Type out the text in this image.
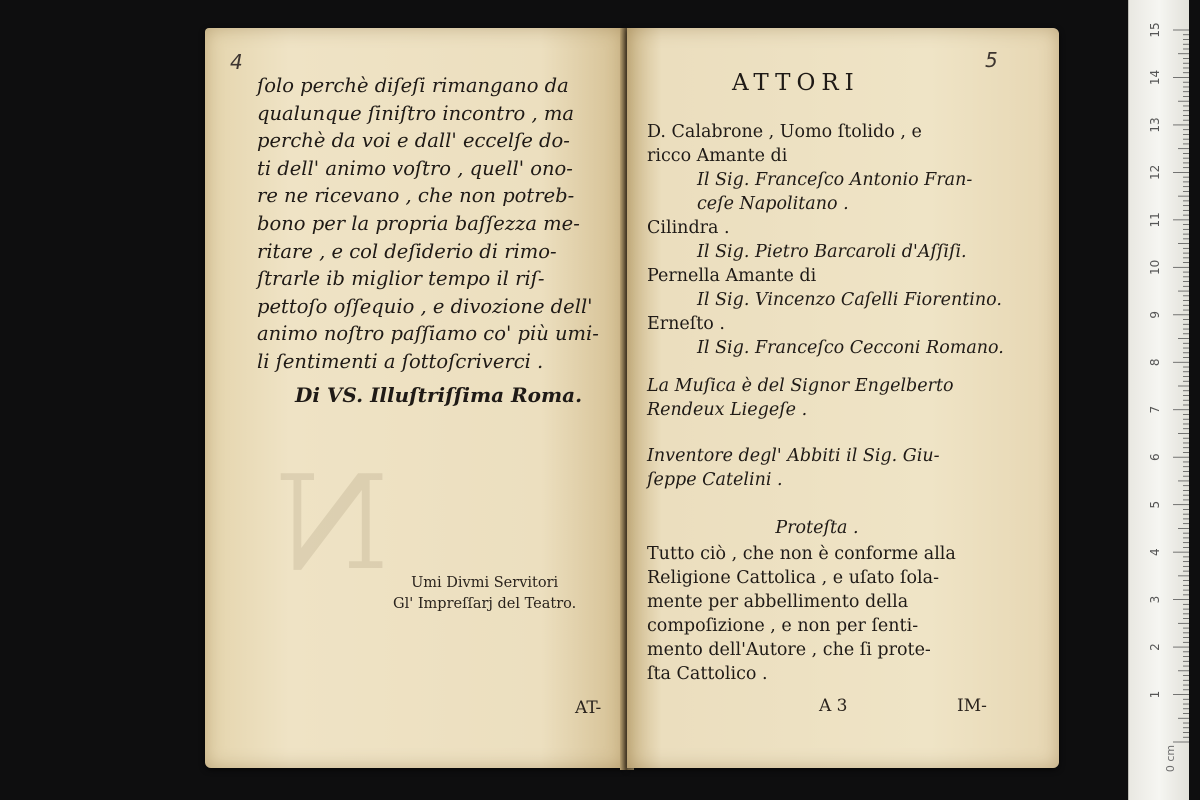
N
4
ſolo perchè diſeſi rimangano da
qualunque ſiniſtro incontro , ma
perchè da voi e dall' eccelſe do-
ti dell' animo voſtro , quell' ono-
re ne ricevano , che non potreb-
bono per la propria baſſezza me-
ritare , e col deſiderio di rimo-
ſtrarle ib miglior tempo il riſ-
pettoſo oſſequio , e divozione dell'
animo noſtro paſſiamo co' più umi-
li ſentimenti a ſottoſcriverci .
Di VS. Illuſtriſſima Roma.
Umi Divmi Servitori
Gl' Impreſſarj del Teatro.
AT-
5
ATTORI
D. Calabrone , Uomo ſtolido , e
ricco Amante di
Il Sig. Franceſco Antonio Fran-
ceſe Napolitano .
Cilindra .
Il Sig. Pietro Barcaroli d'Aſſiſi.
Pernella Amante di
Il Sig. Vincenzo Caſelli Fiorentino.
Erneſto .
Il Sig. Franceſco Cecconi Romano.
La Muſica è del Signor Engelberto
Rendeux Liegeſe .
Inventore degl' Abbiti il Sig. Giu-
ſeppe Catelini .
Proteſta .
Tutto ciò , che non è conforme alla
Religione Cattolica , e uſato ſola-
mente per abbellimento della
compoſizione , e non per ſenti-
mento dell'Autore , che ſi prote-
ſta Cattolico .
A 3	IM-
15
14
13
12
11
10
9
8
7
6
5
4
3
2
1
0 cm
